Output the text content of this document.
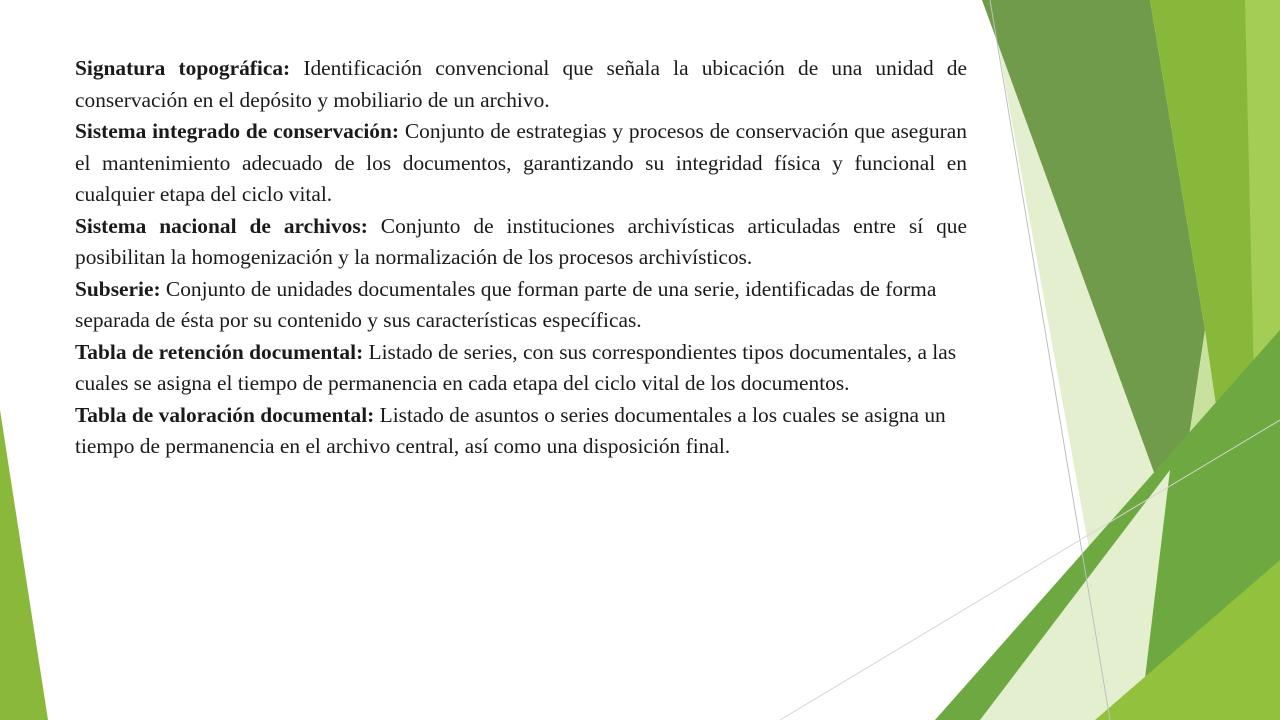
Signatura topográfica: Identificación convencional que señala la ubicación de una unidad de conservación en el depósito y mobiliario de un archivo.

Sistema integrado de conservación: Conjunto de estrategias y procesos de conservación que aseguran el mantenimiento adecuado de los documentos, garantizando su integridad física y funcional en cualquier etapa del ciclo vital.

Sistema nacional de archivos: Conjunto de instituciones archivísticas articuladas entre sí que posibilitan la homogenización y la normalización de los procesos archivísticos.

Subserie: Conjunto de unidades documentales que forman parte de una serie, identificadas de forma separada de ésta por su contenido y sus características específicas.

Tabla de retención documental: Listado de series, con sus correspondientes tipos documentales, a las cuales se asigna el tiempo de permanencia en cada etapa del ciclo vital de los documentos.

Tabla de valoración documental: Listado de asuntos o series documentales a los cuales se asigna un tiempo de permanencia en el archivo central, así como una disposición final.
